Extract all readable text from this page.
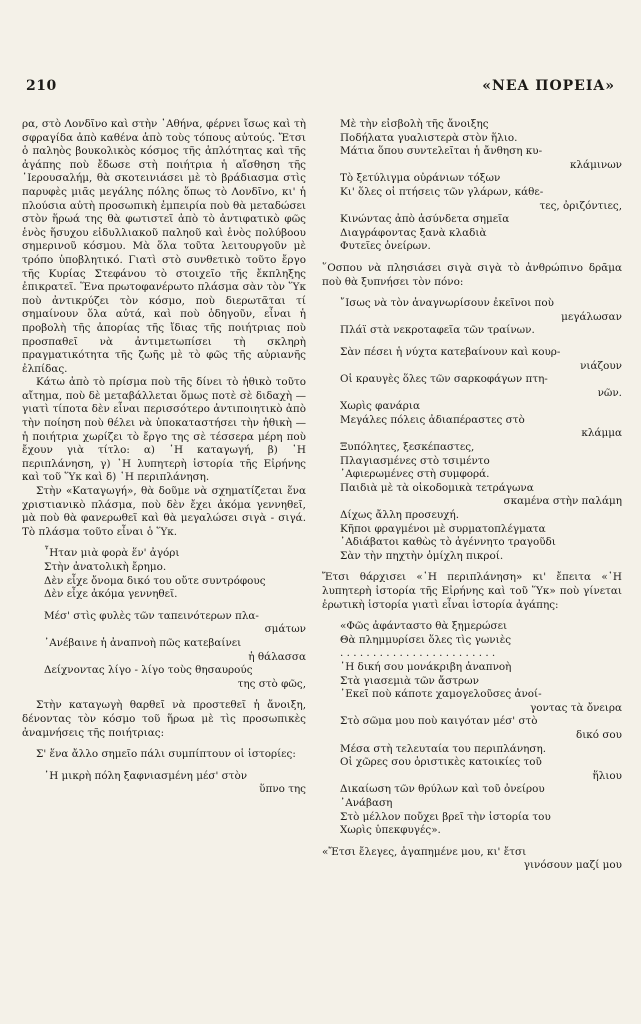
210	«ΝΕΑ ΠΟΡΕΙΑ»

ρα, στὸ Λονδῖνο καὶ στὴν ᾿Αθήνα, φέρνει ἴσως καὶ τὴ σφραγίδα ἀπὸ καθένα ἀπὸ τοὺς τόπους αὐτούς. Ἔτσι ὁ παληὸς βουκολικὸς κόσμος τῆς ἁπλότητας καὶ τῆς ἀγάπης ποὺ ἔδωσε στὴ ποιήτρια ἡ αἴσθηση τῆς ῾Ιερουσαλήμ, θὰ σκοτεινιάσει μὲ τὸ βράδιασμα στὶς παρυφὲς μιᾶς μεγάλης πόλης ὅπως τὸ Λονδῖνο, κι' ἡ πλούσια αὐτὴ προσωπικὴ ἐμπειρία ποὺ θὰ μεταδώσει στὸν ἥρωά της θὰ φωτιστεῖ ἀπὸ τὸ ἀντιφατικὸ φῶς ἑνὸς ἥσυχου εἰδυλλιακοῦ παληοῦ καὶ ἑνὸς πολύβοου σημερινοῦ κόσμου. Μὰ ὅλα τοῦτα λειτουργοῦν μὲ τρόπο ὑποβλητικό. Γιατὶ στὸ συνθετικὸ τοῦτο ἔργο τῆς Κυρίας Στεφάνου τὸ στοιχεῖο τῆς ἔκπληξης ἐπικρατεῖ. Ἕνα πρωτοφανέρωτο πλάσμα σὰν τὸν Ὕκ ποὺ ἀντικρύζει τὸν κόσμο, ποὺ διερωτᾶται τί σημαίνουν ὅλα αὐτά, καὶ ποὺ ὁδηγοῦν, εἶναι ἡ προβολὴ τῆς ἀπορίας τῆς ἴδιας τῆς ποιήτριας ποὺ προσπαθεῖ νὰ ἀντιμετωπίσει τὴ σκληρὴ πραγματικότητα τῆς ζωῆς μὲ τὸ φῶς τῆς αὐριανῆς ἐλπίδας.

Κάτω ἀπὸ τὸ πρίσμα ποὺ τῆς δίνει τὸ ἠθικὸ τοῦτο αἴτημα, ποὺ δὲ μεταβάλλεται ὅμως ποτὲ σὲ διδαχὴ — γιατὶ τίποτα δὲν εἶναι περισσότερο ἀντιποιητικὸ ἀπὸ τὴν ποίηση ποὺ θέλει νὰ ὑποκαταστήσει τὴν ἠθικὴ — ἡ ποιήτρια χωρίζει τὸ ἔργο της σὲ τέσσερα μέρη ποὺ ἔχουν γιὰ τίτλο: α) ῾Η καταγωγή, β) ῾Η περιπλάνηση, γ) ῾Η λυπητερὴ ἱστορία τῆς Εἰρήνης καὶ τοῦ Ὕκ καὶ δ) ῾Η περιπλάνηση.

Στὴν «Καταγωγή», θὰ δοῦμε νὰ σχηματίζεται ἕνα χριστιανικὸ πλάσμα, ποὺ δὲν ἔχει ἀκόμα γεννηθεῖ, μὰ ποὺ θὰ φανερωθεῖ καὶ θὰ μεγαλώσει σιγὰ - σιγά. Τὸ πλάσμα τοῦτο εἶναι ὁ Ὕκ.

῏Ηταν μιὰ φορὰ ἕν' ἀγόρι
Στὴν ἀνατολικὴ ἔρημο.
Δὲν εἶχε ὄνομα δικό του οὔτε συντρόφους
Δὲν εἶχε ἀκόμα γεννηθεῖ.
Μέσ' στὶς φυλὲς τῶν ταπεινότερων πλα-
σμάτων
᾿Ανέβαινε ἡ ἀναπνοὴ πῶς κατεβαίνει
ἡ θάλασσα
Δείχνοντας λίγο - λίγο τοὺς θησαυρούς
της στὸ φῶς,

Στὴν καταγωγὴ θαρθεῖ νὰ προστεθεῖ ἡ ἄνοιξη, δένοντας τὸν κόσμο τοῦ ἥρωα μὲ τὶς προσωπικὲς ἀναμνήσεις τῆς ποιήτριας:

Σ' ἕνα ἄλλο σημεῖο πάλι συμπίπτουν οἱ ἱστορίες:

῾Η μικρὴ πόλη ξαφνιασμένη μέσ' στὸν
ὕπνο της
Μὲ τὴν εἰσβολὴ τῆς ἄνοιξης
Ποδήλατα γυαλιστερὰ στὸν ἥλιο.
Μάτια ὅπου συντελεῖται ἡ ἄνθηση κυ-
κλάμινων
Τὸ ξετύλιγμα οὐράνιων τόξων
Κι' ὅλες οἱ πτήσεις τῶν γλάρων, κάθε-
τες, ὀριζόντιες,
Κινώντας ἀπὸ ἀσύνδετα σημεῖα
Διαγράφοντας ξανὰ κλαδιὰ
Φυτεῖες ὀνείρων.

῞Οσπου νὰ πλησιάσει σιγὰ σιγὰ τὸ ἀνθρώπινο δρᾶμα ποὺ θὰ ξυπνήσει τὸν πόνο:

῎Ισως νὰ τὸν ἀναγνωρίσουν ἐκεῖνοι ποὺ
μεγάλωσαν
Πλάϊ στὰ νεκροταφεῖα τῶν τραίνων.
Σὰν πέσει ἡ νύχτα κατεβαίνουν καὶ κουρ-
νιάζουν
Οἱ κραυγὲς ὅλες τῶν σαρκοφάγων πτη-
νῶν.
Χωρὶς φανάρια
Μεγάλες πόλεις ἀδιαπέραστες στὸ
κλάμμα
Ξυπόλητες, ξεσκέπαστες,
Πλαγιασμένες στὸ τσιμέντο
᾿Αφιερωμένες στὴ συμφορά.
Παιδιὰ μὲ τὰ οἰκοδομικὰ τετράγωνα
σκαμένα στὴν παλάμη
Δίχως ἄλλη προσευχή.
Κῆποι φραγμένοι μὲ συρματοπλέγματα
᾿Αδιάβατοι καθὼς τὸ ἀγέννητο τραγοῦδι
Σὰν τὴν πηχτὴν ὁμίχλη πικροί.

Ἔτσι θάρχισει «῾Η περιπλάνηση» κι' ἔπειτα «῾Η λυπητερὴ ἱστορία τῆς Εἰρήνης καὶ τοῦ Ὕκ» ποὺ γίνεται ἐρωτικὴ ἱστορία γιατὶ εἶναι ἱστορία ἀγάπης:

«Φῶς ἀφάνταστο θὰ ξημερώσει
Θὰ πλημμυρίσει ὅλες τὶς γωνιὲς
. . . . . . . . . . . . . . . . . . . . . . . .
῾Η δική σου μονάκριβη ἀναπνοὴ
Στὰ γιασεμιὰ τῶν ἄστρων
᾿Εκεῖ ποὺ κάποτε χαμογελοῦσες ἀνοί-
γοντας τὰ ὄνειρα
Στὸ σῶμα μου ποὺ καιγόταν μέσ' στὸ
δικό σου
Μέσα στὴ τελευταία του περιπλάνηση.
Οἱ χῶρες σου ὀριστικὲς κατοικίες τοῦ
ἥλιου
Δικαίωση τῶν θρύλων καὶ τοῦ ὀνείρου
᾿Ανάβαση
Στὸ μέλλον ποὔχει βρεῖ τὴν ἱστορία του
Χωρὶς ὑπεκφυγές».
«Ἔτσι ἔλεγες, ἀγαπημένε μου, κι' ἔτσι
γινόσουν μαζί μου
